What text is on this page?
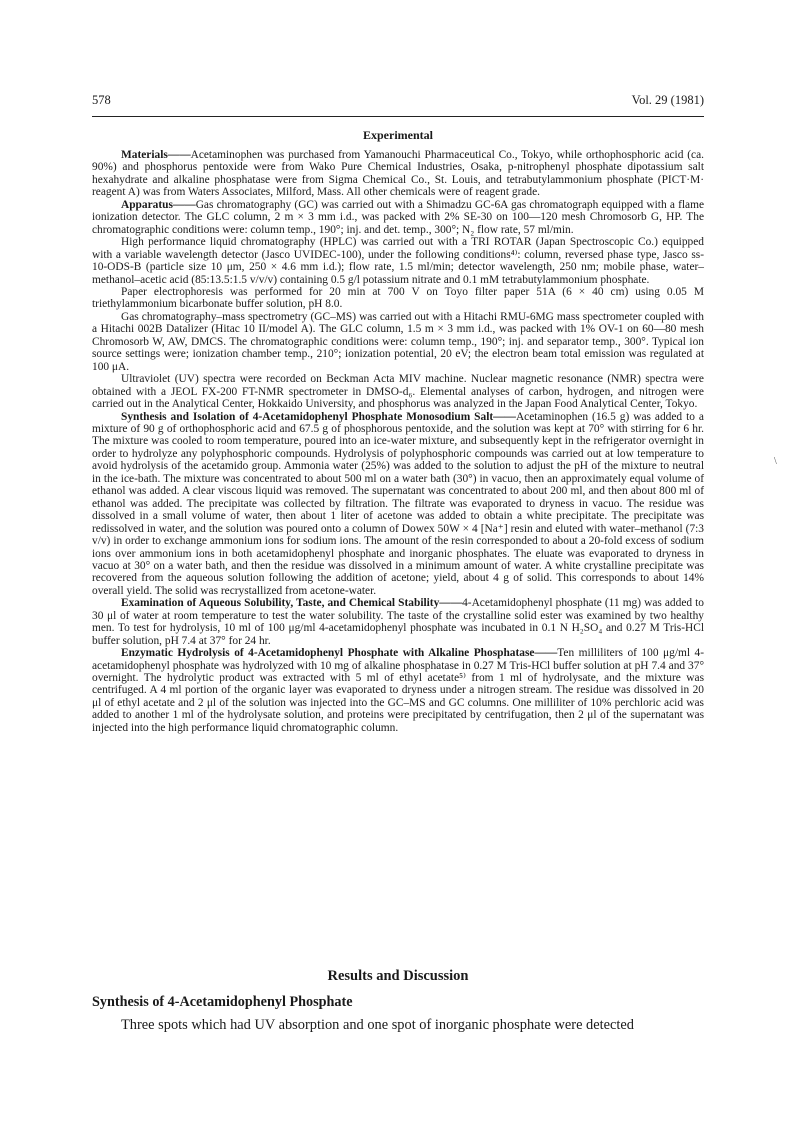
578	Vol. 29 (1981)
Experimental

Materials——Acetaminophen was purchased from Yamanouchi Pharmaceutical Co., Tokyo, while orthophosphoric acid (ca. 90%) and phosphorus pentoxide were from Wako Pure Chemical Industries, Osaka, p-nitrophenyl phosphate dipotassium salt hexahydrate and alkaline phosphatase were from Sigma Chemical Co., St. Louis, and tetrabutylammonium phosphate (PICT·M· reagent A) was from Waters Associates, Milford, Mass. All other chemicals were of reagent grade.

Apparatus——Gas chromatography (GC) was carried out with a Shimadzu GC-6A gas chromatograph equipped with a flame ionization detector. The GLC column, 2 m × 3 mm i.d., was packed with 2% SE-30 on 100—120 mesh Chromosorb G, HP. The chromatographic conditions were: column temp., 190°; inj. and det. temp., 300°; N₂ flow rate, 57 ml/min.

High performance liquid chromatography (HPLC) was carried out with a TRI ROTAR (Japan Spectroscopic Co.) equipped with a variable wavelength detector (Jasco UVIDEC-100), under the following conditions⁴⁾: column, reversed phase type, Jasco ss-10-ODS-B (particle size 10 μm, 250 × 4.6 mm i.d.); flow rate, 1.5 ml/min; detector wavelength, 250 nm; mobile phase, water–methanol–acetic acid (85:13.5:1.5 v/v/v) containing 0.5 g/l potassium nitrate and 0.1 mM tetrabutylammonium phosphate.

Paper electrophoresis was performed for 20 min at 700 V on Toyo filter paper 51A (6 × 40 cm) using 0.05 M triethylammonium bicarbonate buffer solution, pH 8.0.

Gas chromatography–mass spectrometry (GC–MS) was carried out with a Hitachi RMU-6MG mass spectrometer coupled with a Hitachi 002B Datalizer (Hitac 10 II/model A). The GLC column, 1.5 m × 3 mm i.d., was packed with 1% OV-1 on 60—80 mesh Chromosorb W, AW, DMCS. The chromatographic conditions were: column temp., 190°; inj. and separator temp., 300°. Typical ion source settings were; ionization chamber temp., 210°; ionization potential, 20 eV; the electron beam total emission was regulated at 100 μA.

Ultraviolet (UV) spectra were recorded on Beckman Acta MIV machine. Nuclear magnetic resonance (NMR) spectra were obtained with a JEOL FX-200 FT-NMR spectrometer in DMSO-d₆. Elemental analyses of carbon, hydrogen, and nitrogen were carried out in the Analytical Center, Hokkaido University, and phosphorus was analyzed in the Japan Food Analytical Center, Tokyo.

Synthesis and Isolation of 4-Acetamidophenyl Phosphate Monosodium Salt——Acetaminophen (16.5 g) was added to a mixture of 90 g of orthophosphoric acid and 67.5 g of phosphorous pentoxide, and the solution was kept at 70° with stirring for 6 hr. The mixture was cooled to room temperature, poured into an ice-water mixture, and subsequently kept in the refrigerator overnight in order to hydrolyze any polyphosphoric compounds. Hydrolysis of polyphosphoric compounds was carried out at low temperature to avoid hydrolysis of the acetamido group. Ammonia water (25%) was added to the solution to adjust the pH of the mixture to neutral in the ice-bath. The mixture was concentrated to about 500 ml on a water bath (30°) in vacuo, then an approximately equal volume of ethanol was added. A clear viscous liquid was removed. The supernatant was concentrated to about 200 ml, and then about 800 ml of ethanol was added. The precipitate was collected by filtration. The filtrate was evaporated to dryness in vacuo. The residue was dissolved in a small volume of water, then about 1 liter of acetone was added to obtain a white precipitate. The precipitate was redissolved in water, and the solution was poured onto a column of Dowex 50W × 4 [Na⁺] resin and eluted with water–methanol (7:3 v/v) in order to exchange ammonium ions for sodium ions. The amount of the resin corresponded to about a 20-fold excess of sodium ions over ammonium ions in both acetamidophenyl phosphate and inorganic phosphates. The eluate was evaporated to dryness in vacuo at 30° on a water bath, and then the residue was dissolved in a minimum amount of water. A white crystalline precipitate was recovered from the aqueous solution following the addition of acetone; yield, about 4 g of solid. This corresponds to about 14% overall yield. The solid was recrystallized from acetone-water.

Examination of Aqueous Solubility, Taste, and Chemical Stability——4-Acetamidophenyl phosphate (11 mg) was added to 30 μl of water at room temperature to test the water solubility. The taste of the crystalline solid ester was examined by two healthy men. To test for hydrolysis, 10 ml of 100 μg/ml 4-acetamidophenyl phosphate was incubated in 0.1 N H₂SO₄ and 0.27 M Tris-HCl buffer solution, pH 7.4 at 37° for 24 hr.

Enzymatic Hydrolysis of 4-Acetamidophenyl Phosphate with Alkaline Phosphatase——Ten milliliters of 100 μg/ml 4-acetamidophenyl phosphate was hydrolyzed with 10 mg of alkaline phosphatase in 0.27 M Tris-HCl buffer solution at pH 7.4 and 37° overnight. The hydrolytic product was extracted with 5 ml of ethyl acetate⁵⁾ from 1 ml of hydrolysate, and the mixture was centrifuged. A 4 ml portion of the organic layer was evaporated to dryness under a nitrogen stream. The residue was dissolved in 20 μl of ethyl acetate and 2 μl of the solution was injected into the GC–MS and GC columns. One milliliter of 10% perchloric acid was added to another 1 ml of the hydrolysate solution, and proteins were precipitated by centrifugation, then 2 μl of the supernatant was injected into the high performance liquid chromatographic column.

Results and Discussion
Synthesis of 4-Acetamidophenyl Phosphate
Three spots which had UV absorption and one spot of inorganic phosphate were detected
\
